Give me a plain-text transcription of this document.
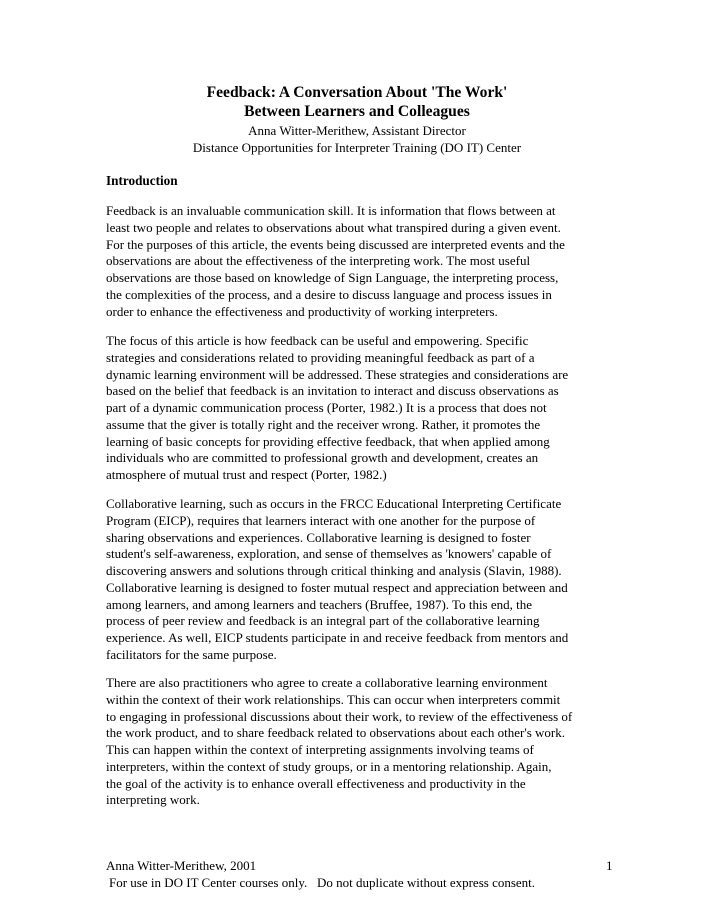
Feedback: A Conversation About 'The Work'
Between Learners and Colleagues
Anna Witter-Merithew, Assistant Director
Distance Opportunities for Interpreter Training (DO IT) Center
Introduction
Feedback is an invaluable communication skill. It is information that flows between at
least two people and relates to observations about what transpired during a given event.
For the purposes of this article, the events being discussed are interpreted events and the
observations are about the effectiveness of the interpreting work. The most useful
observations are those based on knowledge of Sign Language, the interpreting process,
the complexities of the process, and a desire to discuss language and process issues in
order to enhance the effectiveness and productivity of working interpreters.
The focus of this article is how feedback can be useful and empowering. Specific
strategies and considerations related to providing meaningful feedback as part of a
dynamic learning environment will be addressed. These strategies and considerations are
based on the belief that feedback is an invitation to interact and discuss observations as
part of a dynamic communication process (Porter, 1982.) It is a process that does not
assume that the giver is totally right and the receiver wrong. Rather, it promotes the
learning of basic concepts for providing effective feedback, that when applied among
individuals who are committed to professional growth and development, creates an
atmosphere of mutual trust and respect (Porter, 1982.)
Collaborative learning, such as occurs in the FRCC Educational Interpreting Certificate
Program (EICP), requires that learners interact with one another for the purpose of
sharing observations and experiences. Collaborative learning is designed to foster
student's self-awareness, exploration, and sense of themselves as 'knowers' capable of
discovering answers and solutions through critical thinking and analysis (Slavin, 1988).
Collaborative learning is designed to foster mutual respect and appreciation between and
among learners, and among learners and teachers (Bruffee, 1987). To this end, the
process of peer review and feedback is an integral part of the collaborative learning
experience. As well, EICP students participate in and receive feedback from mentors and
facilitators for the same purpose.
There are also practitioners who agree to create a collaborative learning environment
within the context of their work relationships. This can occur when interpreters commit
to engaging in professional discussions about their work, to review of the effectiveness of
the work product, and to share feedback related to observations about each other's work.
This can happen within the context of interpreting assignments involving teams of
interpreters, within the context of study groups, or in a mentoring relationship. Again,
the goal of the activity is to enhance overall effectiveness and productivity in the
interpreting work.
Anna Witter-Merithew, 2001	1
For use in DO IT Center courses only.   Do not duplicate without express consent.
